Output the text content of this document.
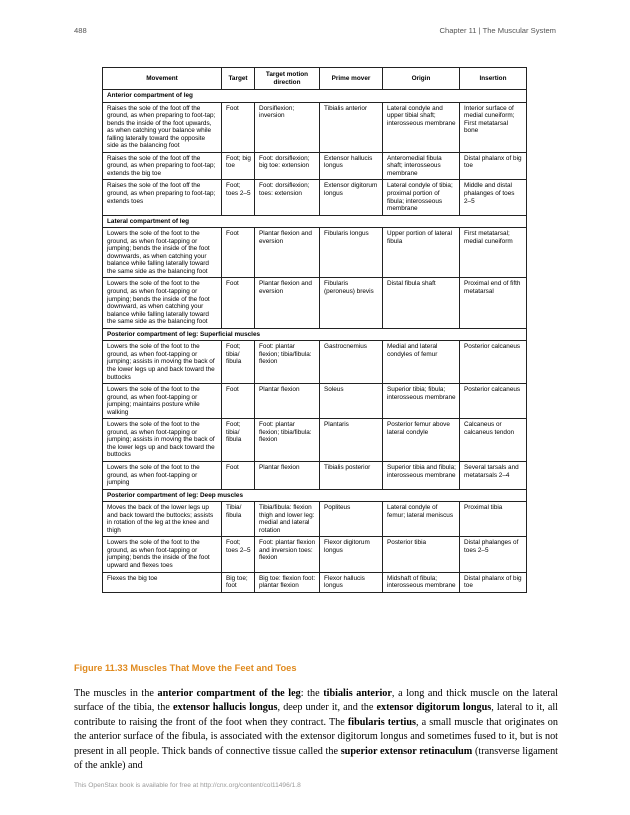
488	Chapter 11 | The Muscular System
Movement	Target	Target motion direction	Prime mover	Origin	Insertion
Anterior compartment of leg					
Raises the sole of the foot off the ground, as when preparing to foot-tap; bends the inside of the foot upwards, as when catching your balance while falling laterally toward the opposite side as the balancing foot	Foot	Dorsiflexion; inversion	Tibialis anterior	Lateral condyle and upper tibial shaft; interosseous membrane	Interior surface of medial cuneiform; First metatarsal bone
Raises the sole of the foot off the ground, as when preparing to foot-tap; extends the big toe	Foot; big toe	Foot: dorsiflexion; big toe: extension	Extensor hallucis longus	Anteromedial fibula shaft; interosseous membrane	Distal phalanx of big toe
Raises the sole of the foot off the ground, as when preparing to foot-tap; extends toes	Foot; toes 2–5	Foot: dorsiflexion; toes: extension	Extensor digitorum longus	Lateral condyle of tibia; proximal portion of fibula; interosseous membrane	Middle and distal phalanges of toes 2–5
Lateral compartment of leg					
Lowers the sole of the foot to the ground, as when foot-tapping or jumping; bends the inside of the foot downwards, as when catching your balance while falling laterally toward the same side as the balancing foot	Foot	Plantar flexion and eversion	Fibularis longus	Upper portion of lateral fibula	First metatarsal; medial cuneiform
Lowers the sole of the foot to the ground, as when foot-tapping or jumping; bends the inside of the foot downward, as when catching your balance while falling laterally toward the same side as the balancing foot	Foot	Plantar flexion and eversion	Fibularis (peroneus) brevis	Distal fibula shaft	Proximal end of fifth metatarsal
Posterior compartment of leg: Superficial muscles					
Lowers the sole of the foot to the ground, as when foot-tapping or jumping; assists in moving the back of the lower legs up and back toward the buttocks	Foot; tibia/ fibula	Foot: plantar flexion; tibia/fibula: flexion	Gastrocnemius	Medial and lateral condyles of femur	Posterior calcaneus
Lowers the sole of the foot to the ground, as when foot-tapping or jumping; maintains posture while walking	Foot	Plantar flexion	Soleus	Superior tibia; fibula; interosseous membrane	Posterior calcaneus
Lowers the sole of the foot to the ground, as when foot-tapping or jumping; assists in moving the back of the lower legs up and back toward the buttocks	Foot; tibia/ fibula	Foot: plantar flexion; tibia/fibula: flexion	Plantaris	Posterior femur above lateral condyle	Calcaneus or calcaneus tendon
Lowers the sole of the foot to the ground, as when foot-tapping or jumping	Foot	Plantar flexion	Tibialis posterior	Superior tibia and fibula; interosseous membrane	Several tarsals and metatarsals 2–4
Posterior compartment of leg: Deep muscles					
Moves the back of the lower legs up and back toward the buttocks; assists in rotation of the leg at the knee and thigh	Tibia/ fibula	Tibia/fibula: flexion thigh and lower leg: medial and lateral rotation	Popliteus	Lateral condyle of femur; lateral meniscus	Proximal tibia
Lowers the sole of the foot to the ground, as when foot-tapping or jumping; bends the inside of the foot upward and flexes toes	Foot; toes 2–5	Foot: plantar flexion and inversion toes: flexion	Flexor digitorum longus	Posterior tibia	Distal phalanges of toes 2–5
Flexes the big toe	Big toe; foot	Big toe: flexion foot: plantar flexion	Flexor hallucis longus	Midshaft of fibula; interosseous membrane	Distal phalanx of big toe
Figure 11.33 Muscles That Move the Feet and Toes
The muscles in the anterior compartment of the leg: the tibialis anterior, a long and thick muscle on the lateral surface of the tibia, the extensor hallucis longus, deep under it, and the extensor digitorum longus, lateral to it, all contribute to raising the front of the foot when they contract. The fibularis tertius, a small muscle that originates on the anterior surface of the fibula, is associated with the extensor digitorum longus and sometimes fused to it, but is not present in all people. Thick bands of connective tissue called the superior extensor retinaculum (transverse ligament of the ankle) and
This OpenStax book is available for free at http://cnx.org/content/col11496/1.8
